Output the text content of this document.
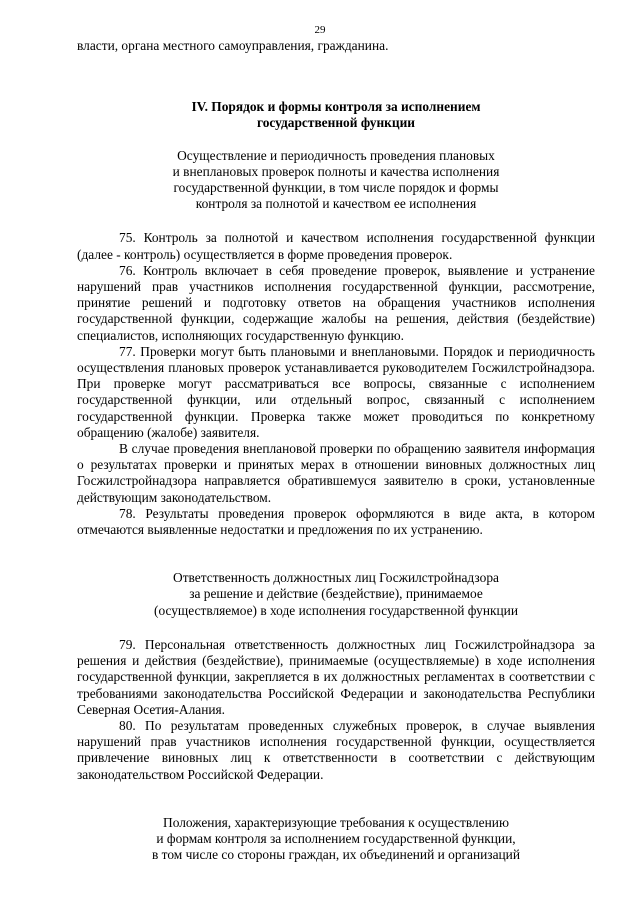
29

власти, органа местного самоуправления, гражданина.

IV. Порядок и формы контроля за исполнением
государственной функции
Осуществление и периодичность проведения плановых
и внеплановых проверок полноты и качества исполнения
государственной функции, в том числе порядок и формы
контроля за полнотой и качеством ее исполнения

75. Контроль за полнотой и качеством исполнения государственной функции (далее - контроль) осуществляется в форме проведения проверок.

76. Контроль включает в себя проведение проверок, выявление и устранение нарушений прав участников исполнения государственной функции, рассмотрение, принятие решений и подготовку ответов на обращения участников исполнения государственной функции, содержащие жалобы на решения, действия (бездействие) специалистов, исполняющих государственную функцию.

77. Проверки могут быть плановыми и внеплановыми. Порядок и периодичность осуществления плановых проверок устанавливается руководителем Госжилстройнадзора. При проверке могут рассматриваться все вопросы, связанные с исполнением государственной функции, или отдельный вопрос, связанный с исполнением государственной функции. Проверка также может проводиться по конкретному обращению (жалобе) заявителя.

В случае проведения внеплановой проверки по обращению заявителя информация о результатах проверки и принятых мерах в отношении виновных должностных лиц Госжилстройнадзора направляется обратившемуся заявителю в сроки, установленные действующим законодательством.

78. Результаты проведения проверок оформляются в виде акта, в котором отмечаются выявленные недостатки и предложения по их устранению.

Ответственность должностных лиц Госжилстройнадзора
за решение и действие (бездействие), принимаемое
(осуществляемое) в ходе исполнения государственной функции

79. Персональная ответственность должностных лиц Госжилстройнадзора за решения и действия (бездействие), принимаемые (осуществляемые) в ходе исполнения государственной функции, закрепляется в их должностных регламентах в соответствии с требованиями законодательства Российской Федерации и законодательства Республики Северная Осетия-Алания.

80. По результатам проведенных служебных проверок, в случае выявления нарушений прав участников исполнения государственной функции, осуществляется привлечение виновных лиц к ответственности в соответствии с действующим законодательством Российской Федерации.

Положения, характеризующие требования к осуществлению
и формам контроля за исполнением государственной функции,
в том числе со стороны граждан, их объединений и организаций
